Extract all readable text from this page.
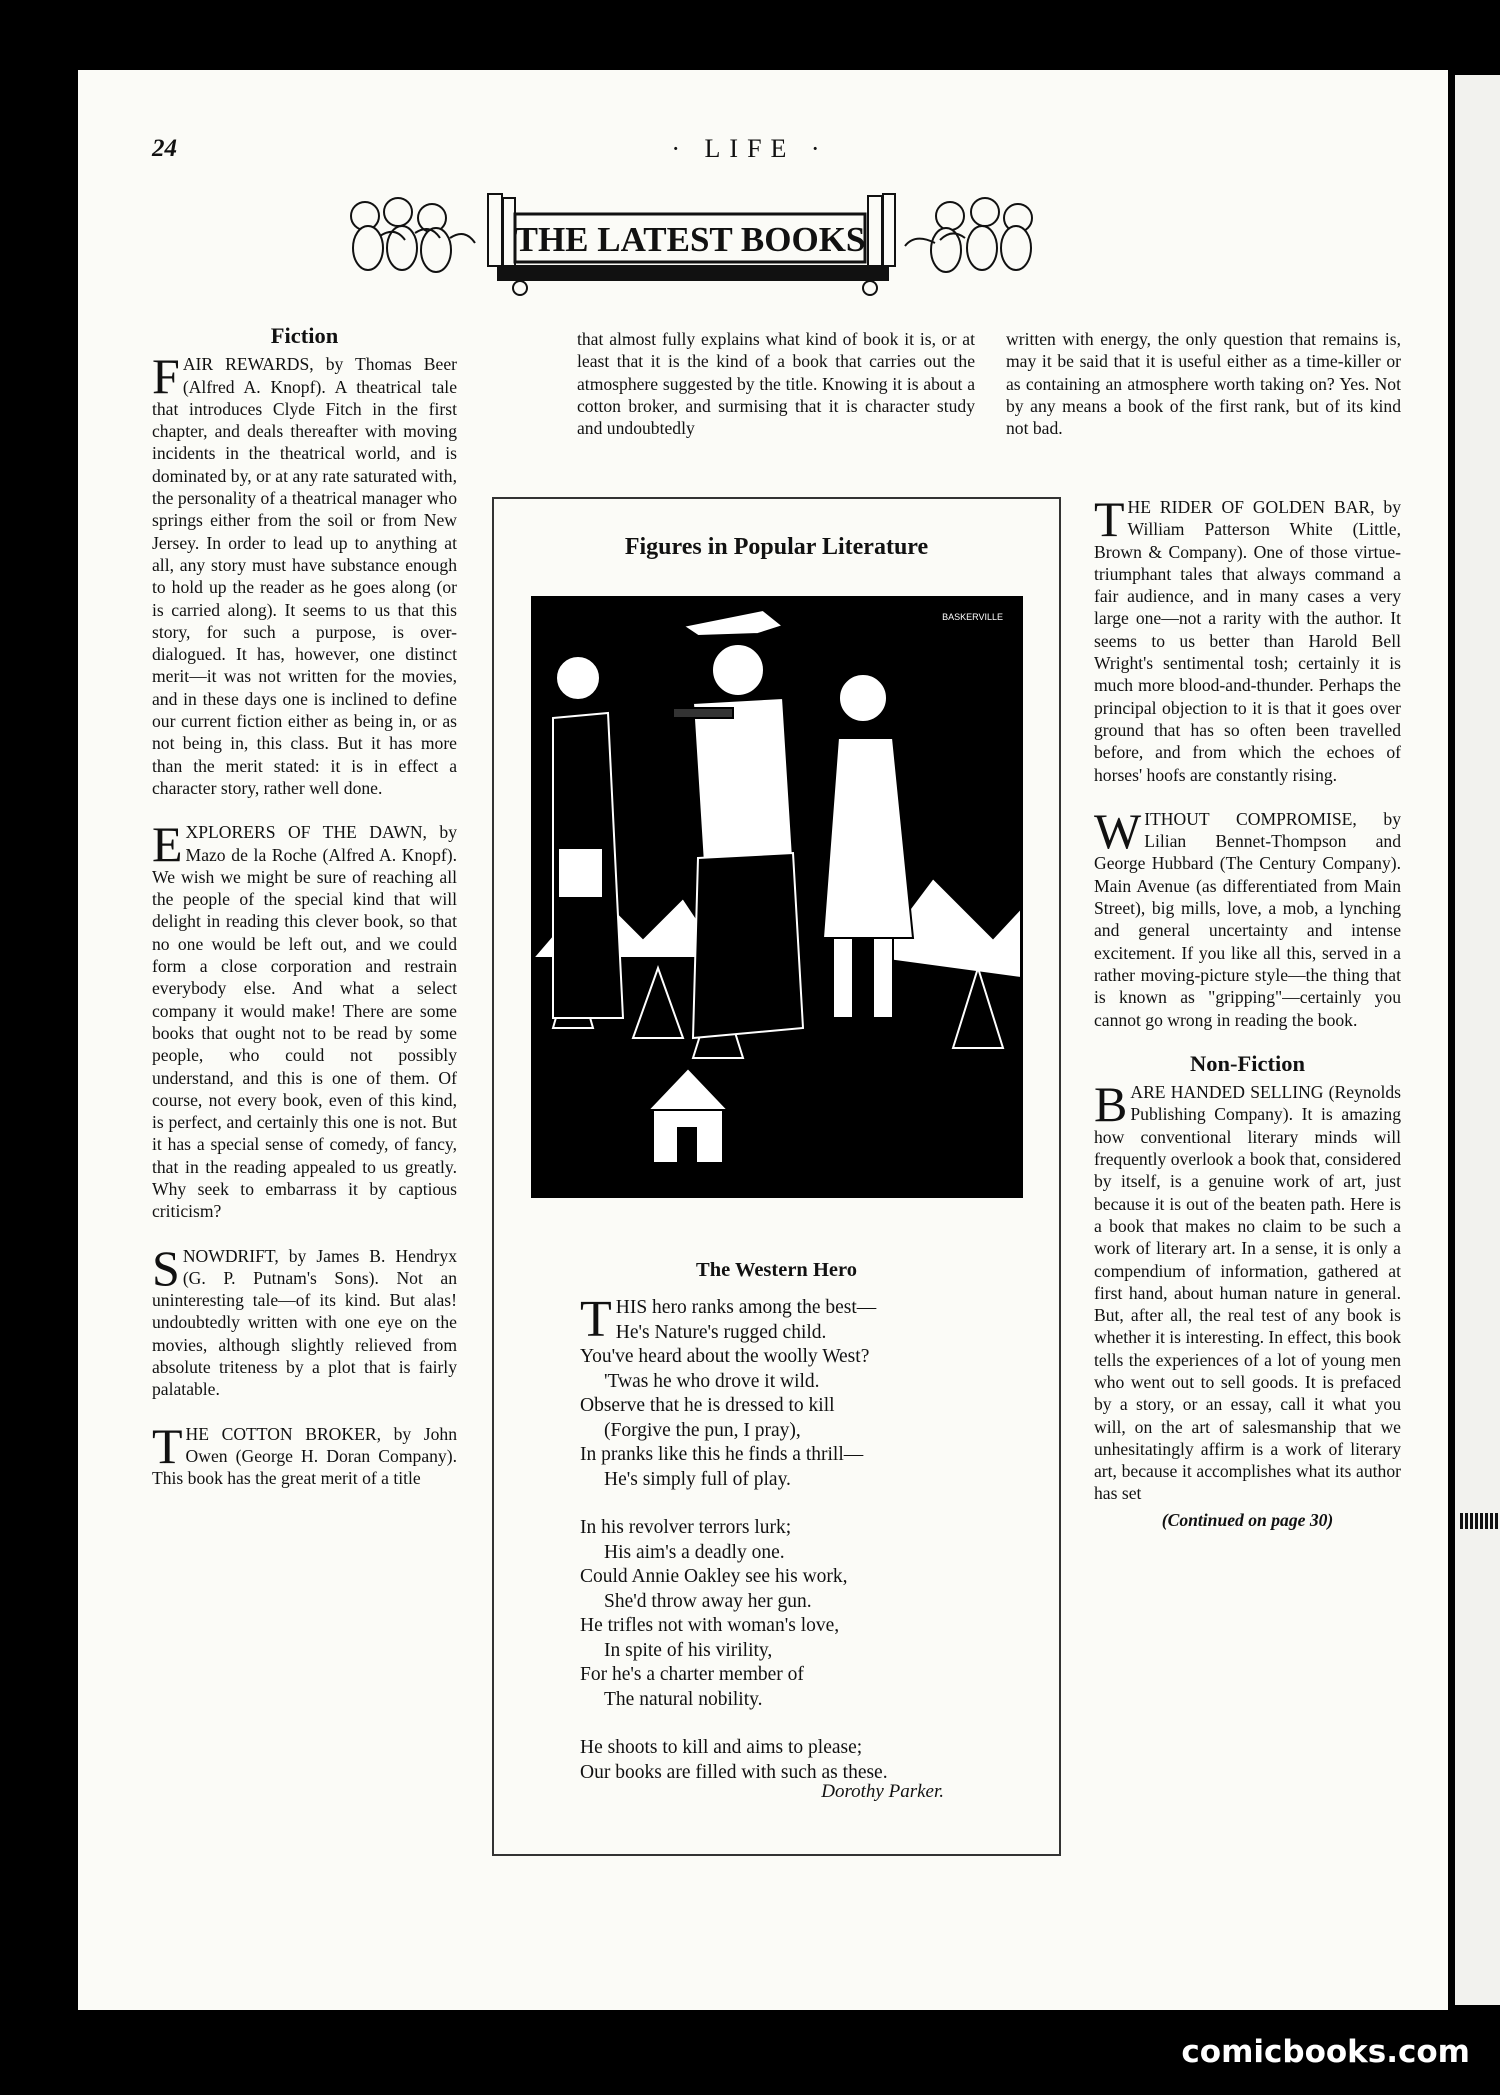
24	· LIFE ·
THE LATEST BOOKS
Fiction

FAIR REWARDS, by Thomas Beer (Alfred A. Knopf). A theatrical tale that introduces Clyde Fitch in the first chapter, and deals thereafter with moving incidents in the theatrical world, and is dominated by, or at any rate saturated with, the personality of a theatrical manager who springs either from the soil or from New Jersey. In order to lead up to anything at all, any story must have substance enough to hold up the reader as he goes along (or is carried along). It seems to us that this story, for such a purpose, is over-dialogued. It has, however, one distinct merit—it was not written for the movies, and in these days one is inclined to define our current fiction either as being in, or as not being in, this class. But it has more than the merit stated: it is in effect a character story, rather well done.

EXPLORERS OF THE DAWN, by Mazo de la Roche (Alfred A. Knopf). We wish we might be sure of reaching all the people of the special kind that will delight in reading this clever book, so that no one would be left out, and we could form a close corporation and restrain everybody else. And what a select company it would make! There are some books that ought not to be read by some people, who could not possibly understand, and this is one of them. Of course, not every book, even of this kind, is perfect, and certainly this one is not. But it has a special sense of comedy, of fancy, that in the reading appealed to us greatly. Why seek to embarrass it by captious criticism?

SNOWDRIFT, by James B. Hendryx (G. P. Putnam's Sons). Not an uninteresting tale—of its kind. But alas! undoubtedly written with one eye on the movies, although slightly relieved from absolute triteness by a plot that is fairly palatable.

THE COTTON BROKER, by John Owen (George H. Doran Company). This book has the great merit of a title

that almost fully explains what kind of book it is, or at least that it is the kind of a book that carries out the atmosphere suggested by the title. Knowing it is about a cotton broker, and surmising that it is character study and undoubtedly

written with energy, the only question that remains is, may it be said that it is useful either as a time-killer or as containing an atmosphere worth taking on? Yes. Not by any means a book of the first rank, but of its kind not bad.

THE RIDER OF GOLDEN BAR, by William Patterson White (Little, Brown & Company). One of those virtue-triumphant tales that always command a fair audience, and in many cases a very large one—not a rarity with the author. It seems to us better than Harold Bell Wright's sentimental tosh; certainly it is much more blood-and-thunder. Perhaps the principal objection to it is that it goes over ground that has so often been travelled before, and from which the echoes of horses' hoofs are constantly rising.

WITHOUT COMPROMISE, by Lilian Bennet-Thompson and George Hubbard (The Century Company). Main Avenue (as differentiated from Main Street), big mills, love, a mob, a lynching and general uncertainty and intense excitement. If you like all this, served in a rather moving-picture style—the thing that is known as "gripping"—certainly you cannot go wrong in reading the book.

Non-Fiction

BARE HANDED SELLING (Reynolds Publishing Company). It is amazing how conventional literary minds will frequently overlook a book that, considered by itself, is a genuine work of art, just because it is out of the beaten path. Here is a book that makes no claim to be such a work of literary art. In a sense, it is only a compendium of information, gathered at first hand, about human nature in general. But, after all, the real test of any book is whether it is interesting. In effect, this book tells the experiences of a lot of young men who went out to sell goods. It is prefaced by a story, or an essay, call it what you will, on the art of salesmanship that we unhesitatingly affirm is a work of literary art, because it accomplishes what its author has set

(Continued on page 30)
Figures in Popular Literature
BASKERVILLE
The Western Hero
T HIS hero ranks among the best—
He's Nature's rugged child.
You've heard about the woolly West?
'Twas he who drove it wild.
Observe that he is dressed to kill
(Forgive the pun, I pray),
In pranks like this he finds a thrill—
He's simply full of play.
In his revolver terrors lurk;
His aim's a deadly one.
Could Annie Oakley see his work,
She'd throw away her gun.
He trifles not with woman's love,
In spite of his virility,
For he's a charter member of
The natural nobility.
He shoots to kill and aims to please;
Our books are filled with such as these.
Dorothy Parker.
comicbooks.com
